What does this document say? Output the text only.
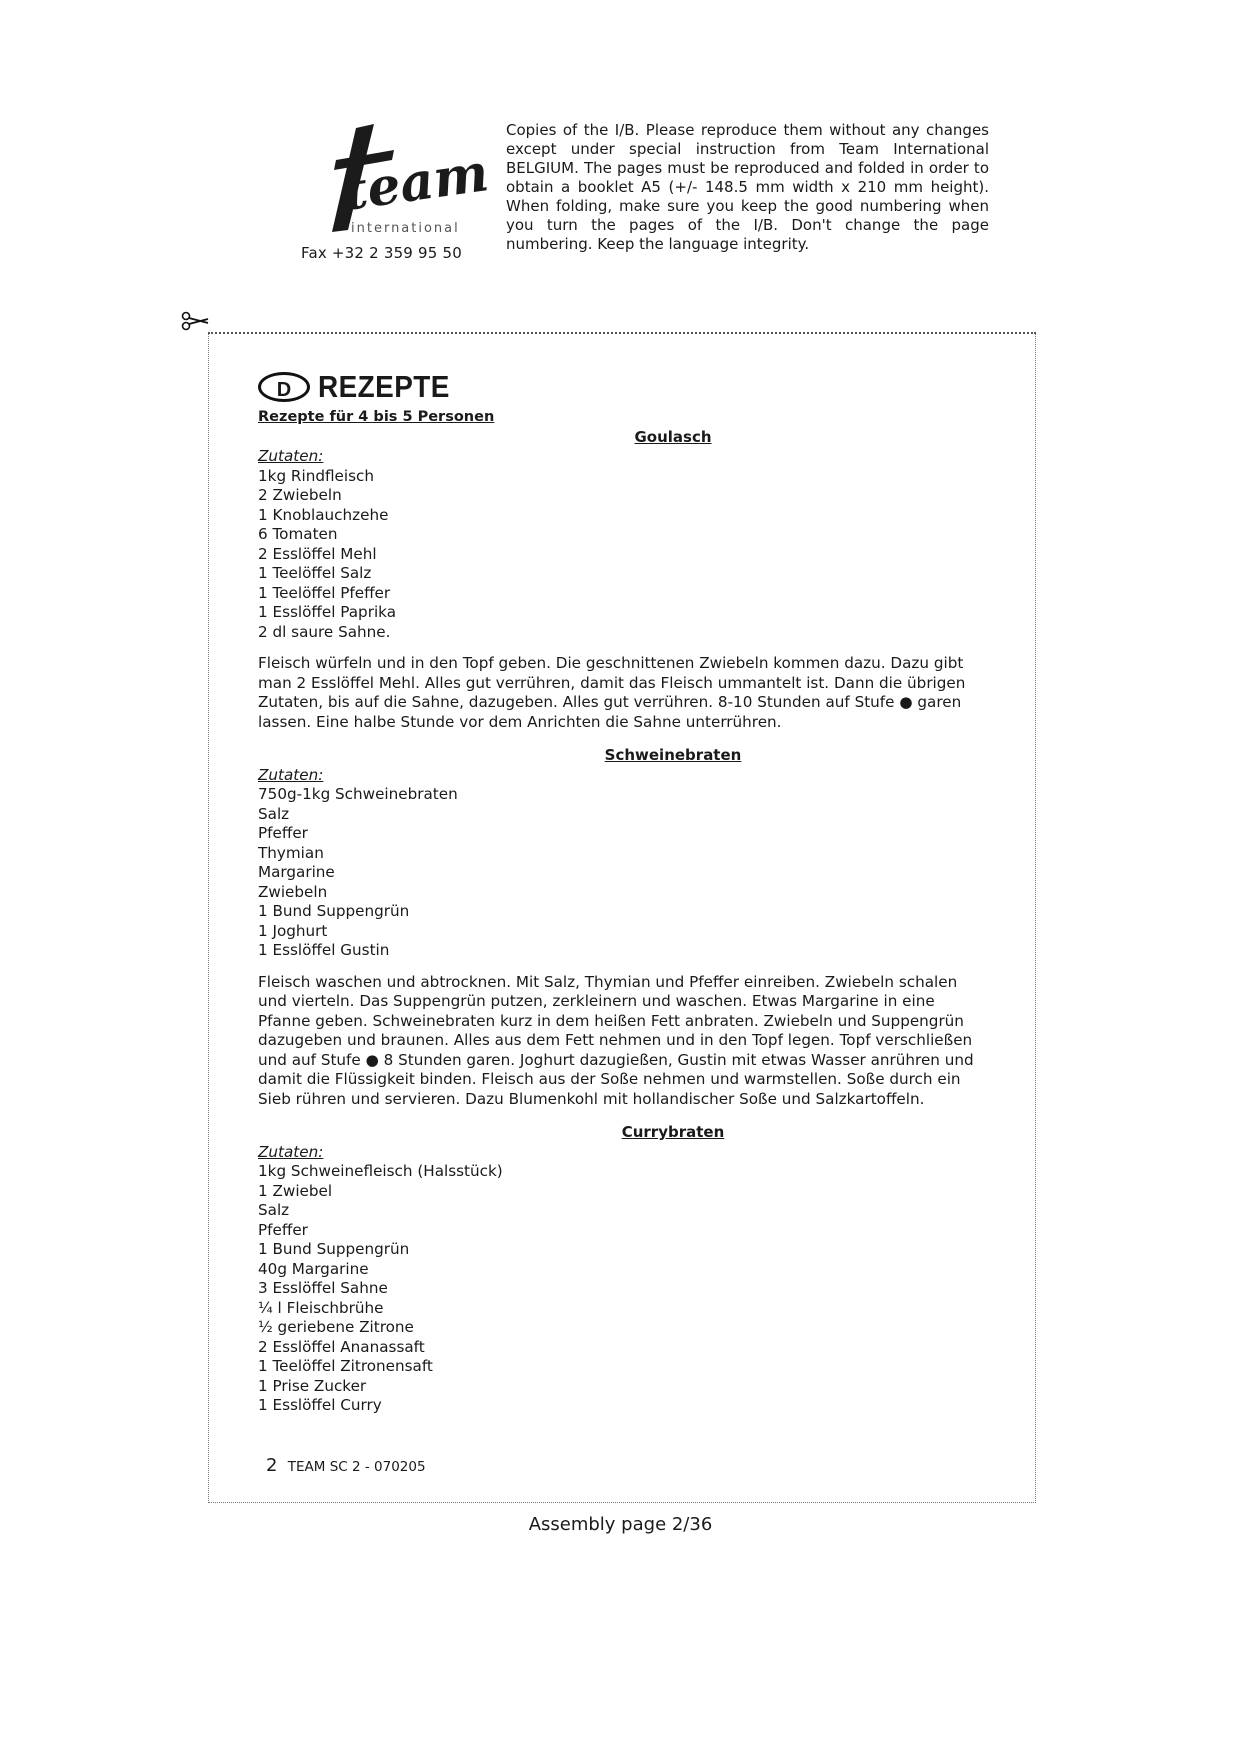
team
international
Fax +32 2 359 95 50
Copies of the I/B. Please reproduce them without any changes except under special instruction from Team International BELGIUM. The pages must be reproduced and folded in order to obtain a booklet A5 (+/- 148.5 mm width x 210 mm height). When folding, make sure you keep the good numbering when you turn the pages of the I/B. Don't change the page numbering. Keep the language integrity.
D REZEPTE
Rezepte für 4 bis 5 Personen
Goulasch
Zutaten:
1kg Rindfleisch
2 Zwiebeln
1 Knoblauchzehe
6 Tomaten
2 Esslöffel Mehl
1 Teelöffel Salz
1 Teelöffel Pfeffer
1 Esslöffel Paprika
2 dl saure Sahne.

Fleisch würfeln und in den Topf geben. Die geschnittenen Zwiebeln kommen dazu. Dazu gibt man 2 Esslöffel Mehl. Alles gut verrühren, damit das Fleisch ummantelt ist. Dann die übrigen Zutaten, bis auf die Sahne, dazugeben. Alles gut verrühren. 8-10 Stunden auf Stufe ● garen lassen. Eine halbe Stunde vor dem Anrichten die Sahne unterrühren.

Schweinebraten
Zutaten:
750g-1kg Schweinebraten
Salz
Pfeffer
Thymian
Margarine
Zwiebeln
1 Bund Suppengrün
1 Joghurt
1 Esslöffel Gustin

Fleisch waschen und abtrocknen. Mit Salz, Thymian und Pfeffer einreiben. Zwiebeln schalen und vierteln. Das Suppengrün putzen, zerkleinern und waschen. Etwas Margarine in eine Pfanne geben. Schweinebraten kurz in dem heißen Fett anbraten. Zwiebeln und Suppengrün dazugeben und braunen. Alles aus dem Fett nehmen und in den Topf legen. Topf verschließen und auf Stufe ● 8 Stunden garen. Joghurt dazugießen, Gustin mit etwas Wasser anrühren und damit die Flüssigkeit binden. Fleisch aus der Soße nehmen und warmstellen. Soße durch ein Sieb rühren und servieren. Dazu Blumenkohl mit hollandischer Soße und Salzkartoffeln.

Currybraten
Zutaten:
1kg Schweinefleisch (Halsstück)
1 Zwiebel
Salz
Pfeffer
1 Bund Suppengrün
40g Margarine
3 Esslöffel Sahne
¼ l Fleischbrühe
½ geriebene Zitrone
2 Esslöffel Ananassaft
1 Teelöffel Zitronensaft
1 Prise Zucker
1 Esslöffel Curry
2 TEAM SC 2 - 070205
Assembly page 2/36
